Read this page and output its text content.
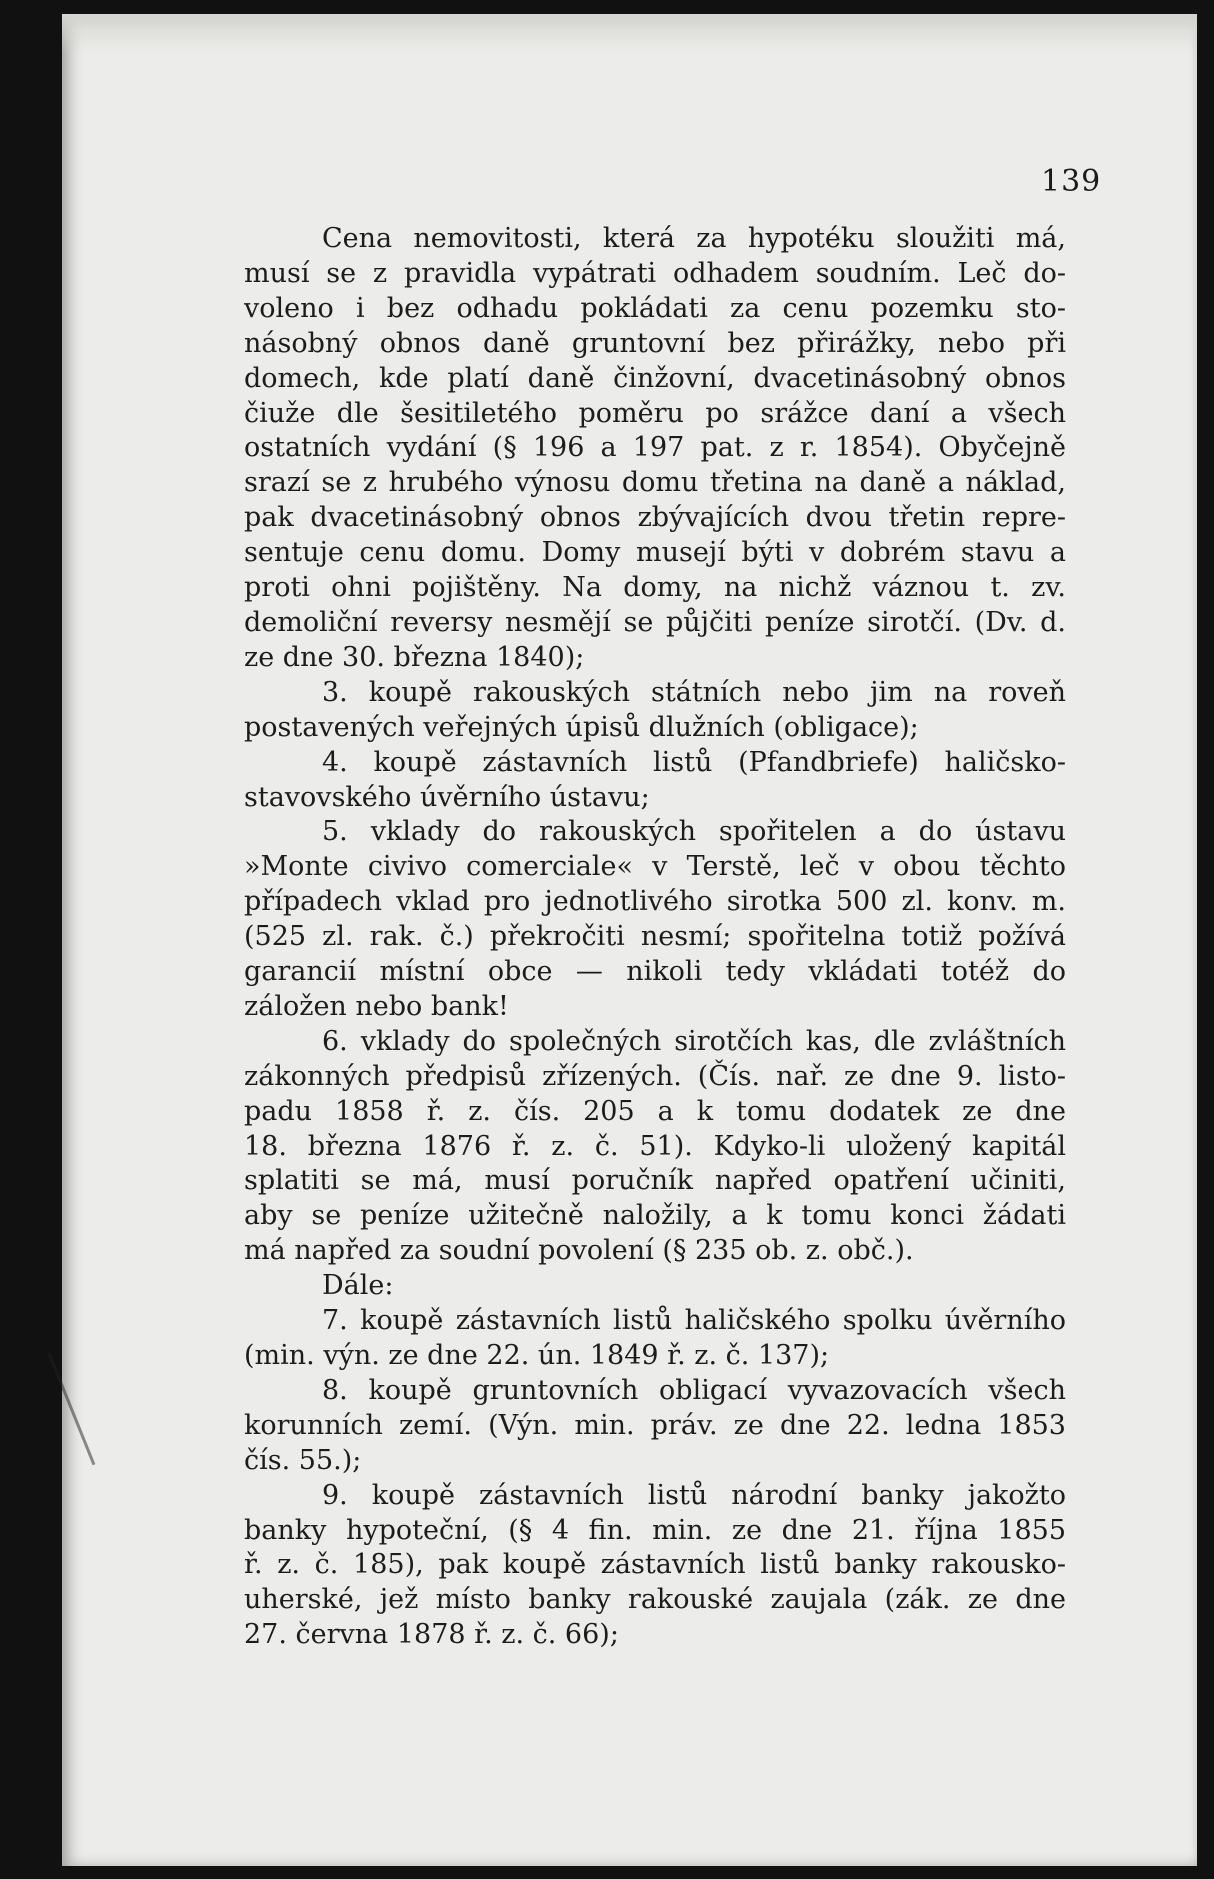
139

Cena nemovitosti, která za hypotéku sloužiti má,

musí se z pravidla vypátrati odhadem soudním. Leč do-

voleno i bez odhadu pokládati za cenu pozemku sto-

násobný obnos daně gruntovní bez přirážky, nebo při

domech, kde platí daně činžovní, dvacetinásobný obnos

čiuže dle šesitiletého poměru po srážce daní a všech

ostatních vydání (§ 196 a 197 pat. z r. 1854). Obyčejně

srazí se z hrubého výnosu domu třetina na daně a náklad,

pak dvacetinásobný obnos zbývajících dvou třetin repre-

sentuje cenu domu. Domy musejí býti v dobrém stavu a

proti ohni pojištěny. Na domy, na nichž váznou t. zv.

demoliční reversy nesmějí se půjčiti peníze sirotčí. (Dv. d.

ze dne 30. března 1840);

3. koupě rakouských státních nebo jim na roveň

postavených veřejných úpisů dlužních (obligace);

4. koupě zástavních listů (Pfandbriefe) haličsko-

stavovského úvěrního ústavu;

5. vklady do rakouských spořitelen a do ústavu

»Monte civivo comerciale« v Terstě, leč v obou těchto

případech vklad pro jednotlivého sirotka 500 zl. konv. m.

(525 zl. rak. č.) překročiti nesmí; spořitelna totiž požívá

garancií místní obce — nikoli tedy vkládati totéž do

záložen nebo bank!

6. vklady do společných sirotčích kas, dle zvláštních

zákonných předpisů zřízených. (Čís. nař. ze dne 9. listo-

padu 1858 ř. z. čís. 205 a k tomu dodatek ze dne

18. března 1876 ř. z. č. 51). Kdyko-li uložený kapitál

splatiti se má, musí poručník napřed opatření učiniti,

aby se peníze užitečně naložily, a k tomu konci žádati

má napřed za soudní povolení (§ 235 ob. z. obč.).

Dále:

7. koupě zástavních listů haličského spolku úvěrního

(min. výn. ze dne 22. ún. 1849 ř. z. č. 137);

8. koupě gruntovních obligací vyvazovacích všech

korunních zemí. (Výn. min. práv. ze dne 22. ledna 1853

čís. 55.);

9. koupě zástavních listů národní banky jakožto

banky hypoteční, (§ 4 fin. min. ze dne 21. října 1855

ř. z. č. 185), pak koupě zástavních listů banky rakousko-

uherské, jež místo banky rakouské zaujala (zák. ze dne

27. června 1878 ř. z. č. 66);
